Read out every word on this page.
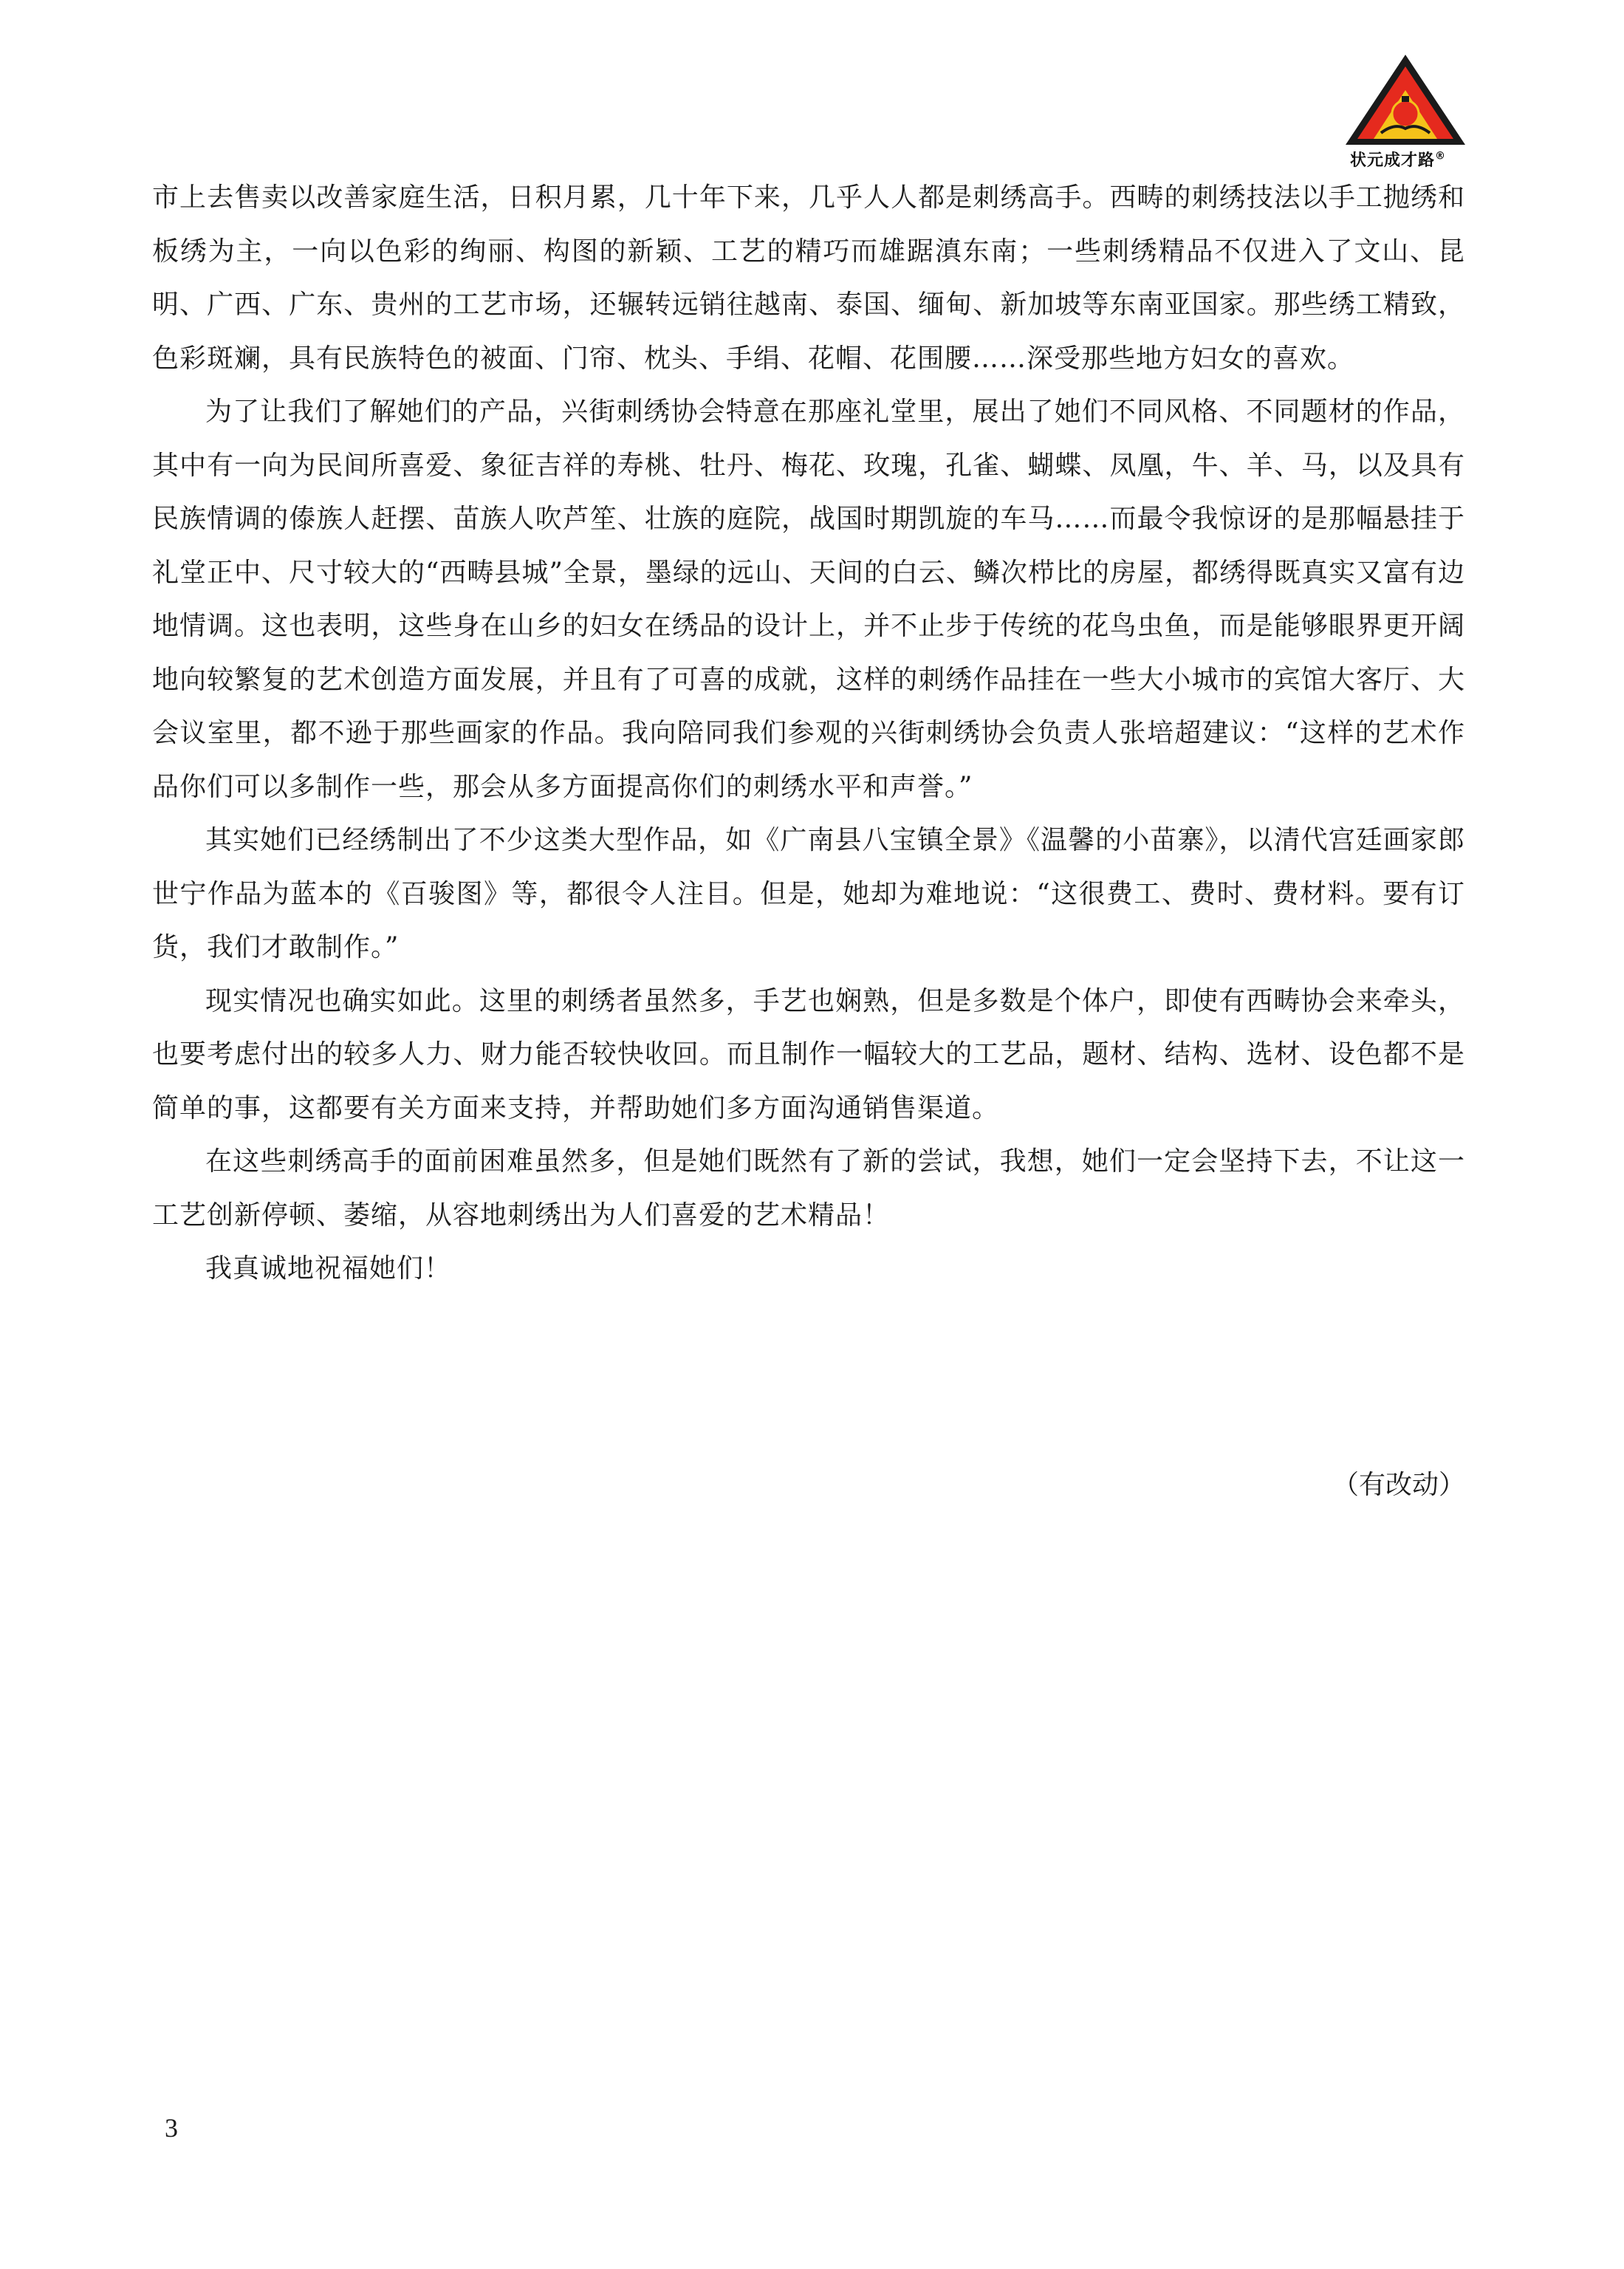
状元成才路®

市上去售卖以改善家庭生活，日积月累，几十年下来，几乎人人都是刺绣高手。西畴的刺绣技法以手工抛绣和板绣为主，一向以色彩的绚丽、构图的新颖、工艺的精巧而雄踞滇东南；一些刺绣精品不仅进入了文山、昆明、广西、广东、贵州的工艺市场，还辗转远销往越南、泰国、缅甸、新加坡等东南亚国家。那些绣工精致，色彩斑斓，具有民族特色的被面、门帘、枕头、手绢、花帽、花围腰……深受那些地方妇女的喜欢。

为了让我们了解她们的产品，兴街刺绣协会特意在那座礼堂里，展出了她们不同风格、不同题材的作品，其中有一向为民间所喜爱、象征吉祥的寿桃、牡丹、梅花、玫瑰，孔雀、蝴蝶、凤凰，牛、羊、马，以及具有民族情调的傣族人赶摆、苗族人吹芦笙、壮族的庭院，战国时期凯旋的车马……而最令我惊讶的是那幅悬挂于礼堂正中、尺寸较大的“西畴县城”全景，墨绿的远山、天间的白云、鳞次栉比的房屋，都绣得既真实又富有边地情调。这也表明，这些身在山乡的妇女在绣品的设计上，并不止步于传统的花鸟虫鱼，而是能够眼界更开阔地向较繁复的艺术创造方面发展，并且有了可喜的成就，这样的刺绣作品挂在一些大小城市的宾馆大客厅、大会议室里，都不逊于那些画家的作品。我向陪同我们参观的兴街刺绣协会负责人张培超建议：“这样的艺术作品你们可以多制作一些，那会从多方面提高你们的刺绣水平和声誉。”

其实她们已经绣制出了不少这类大型作品，如《广南县八宝镇全景》《温馨的小苗寨》，以清代宫廷画家郎世宁作品为蓝本的《百骏图》等，都很令人注目。但是，她却为难地说：“这很费工、费时、费材料。要有订货，我们才敢制作。”

现实情况也确实如此。这里的刺绣者虽然多，手艺也娴熟，但是多数是个体户，即使有西畴协会来牵头，也要考虑付出的较多人力、财力能否较快收回。而且制作一幅较大的工艺品，题材、结构、选材、设色都不是简单的事，这都要有关方面来支持，并帮助她们多方面沟通销售渠道。

在这些刺绣高手的面前困难虽然多，但是她们既然有了新的尝试，我想，她们一定会坚持下去，不让这一工艺创新停顿、萎缩，从容地刺绣出为人们喜爱的艺术精品！

我真诚地祝福她们！

（有改动）
3
